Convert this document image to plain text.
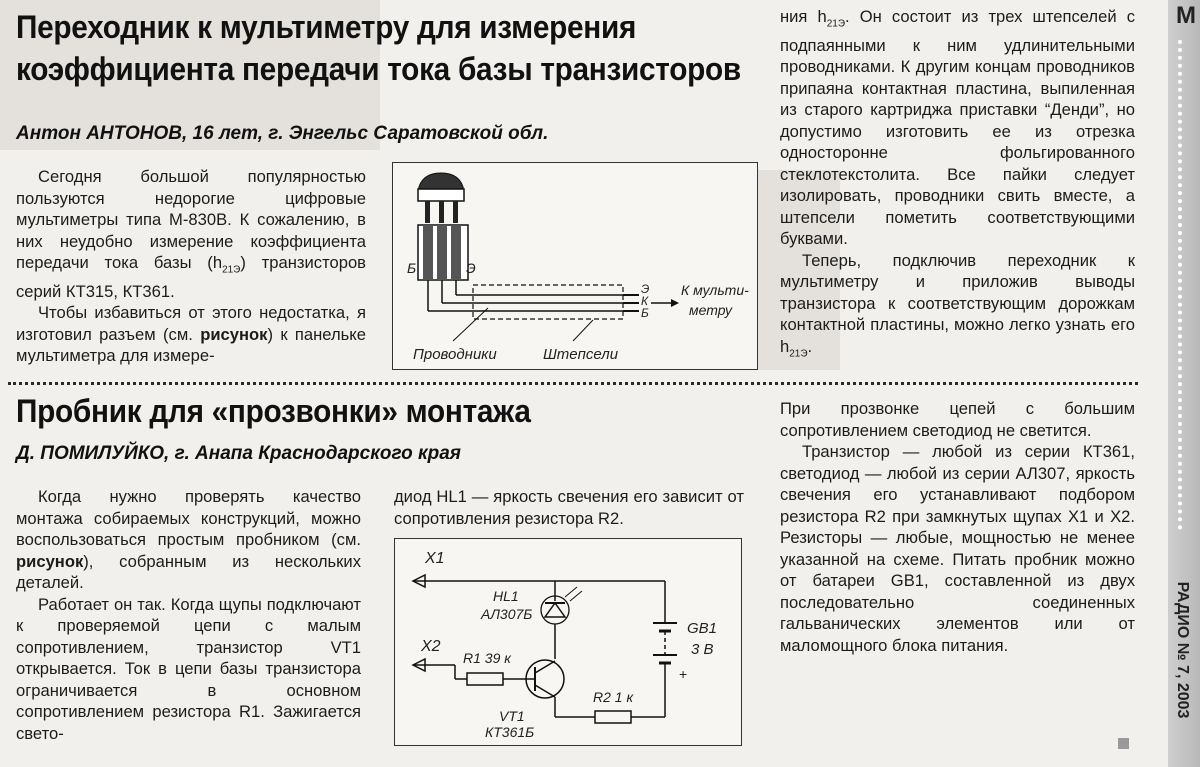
Переходник к мультиметру для измерения
коэффициента передачи тока базы транзисторов
Антон АНТОНОВ, 16 лет, г. Энгельс Саратовской обл.

Сегодня большой популярностью пользуются недорогие цифровые мультиметры типа М-830В. К сожалению, в них неудобно измерение коэффициента передачи тока базы $(h_{21Э})$ транзисторов серий КТ315, КТ361.

Чтобы избавиться от этого недостатка, я изготовил разъем (см. рисунок) к панельке мультиметра для измере-

Б	Э
Э
К
Б
К мульти-
метру
Проводники	Штепсели

ния $h_{21Э}$. Он состоит из трех штепселей с подпаянными к ним удлинительными проводниками. К другим концам проводников припаяна контактная пластина, выпиленная из старого картриджа приставки “Денди”, но допустимо изготовить ее из отрезка односторонне фольгированного стеклотекстолита. Все пайки следует изолировать, проводники свить вместе, а штепсели пометить соответствующими буквами.

Теперь, подключив переходник к мультиметру и приложив выводы транзистора к соответствующим дорожкам контактной пластины, можно легко узнать его $h_{21Э}$.

Пробник для «прозвонки» монтажа
Д. ПОМИЛУЙКО, г. Анапа Краснодарского края

Когда нужно проверять качество монтажа собираемых конструкций, можно воспользоваться простым пробником (см. рисунок), собранным из нескольких деталей.

Работает он так. Когда щупы подключают к проверяемой цепи с малым сопротивлением, транзистор VT1 открывается. Ток в цепи базы транзистора ограничивается в основном сопротивлением резистора R1. Зажигается свето-

диод HL1 — яркость свечения его зависит от сопротивления резистора R2.

X1
+
GB1
3 В
HL1
АЛ307Б
R2 1 к
X2
R1 39 к
VT1
КТ361Б

При прозвонке цепей с большим сопротивлением светодиод не светится.

Транзистор — любой из серии КТ361, светодиод — любой из серии АЛ307, яркость свечения его устанавливают подбором резистора R2 при замкнутых щупах X1 и X2. Резисторы — любые, мощностью не менее указанной на схеме. Питать пробник можно от батареи GB1, составленной из двух последовательно соединенных гальванических элементов или от маломощного блока питания.

М
РАДИО № 7, 2003
